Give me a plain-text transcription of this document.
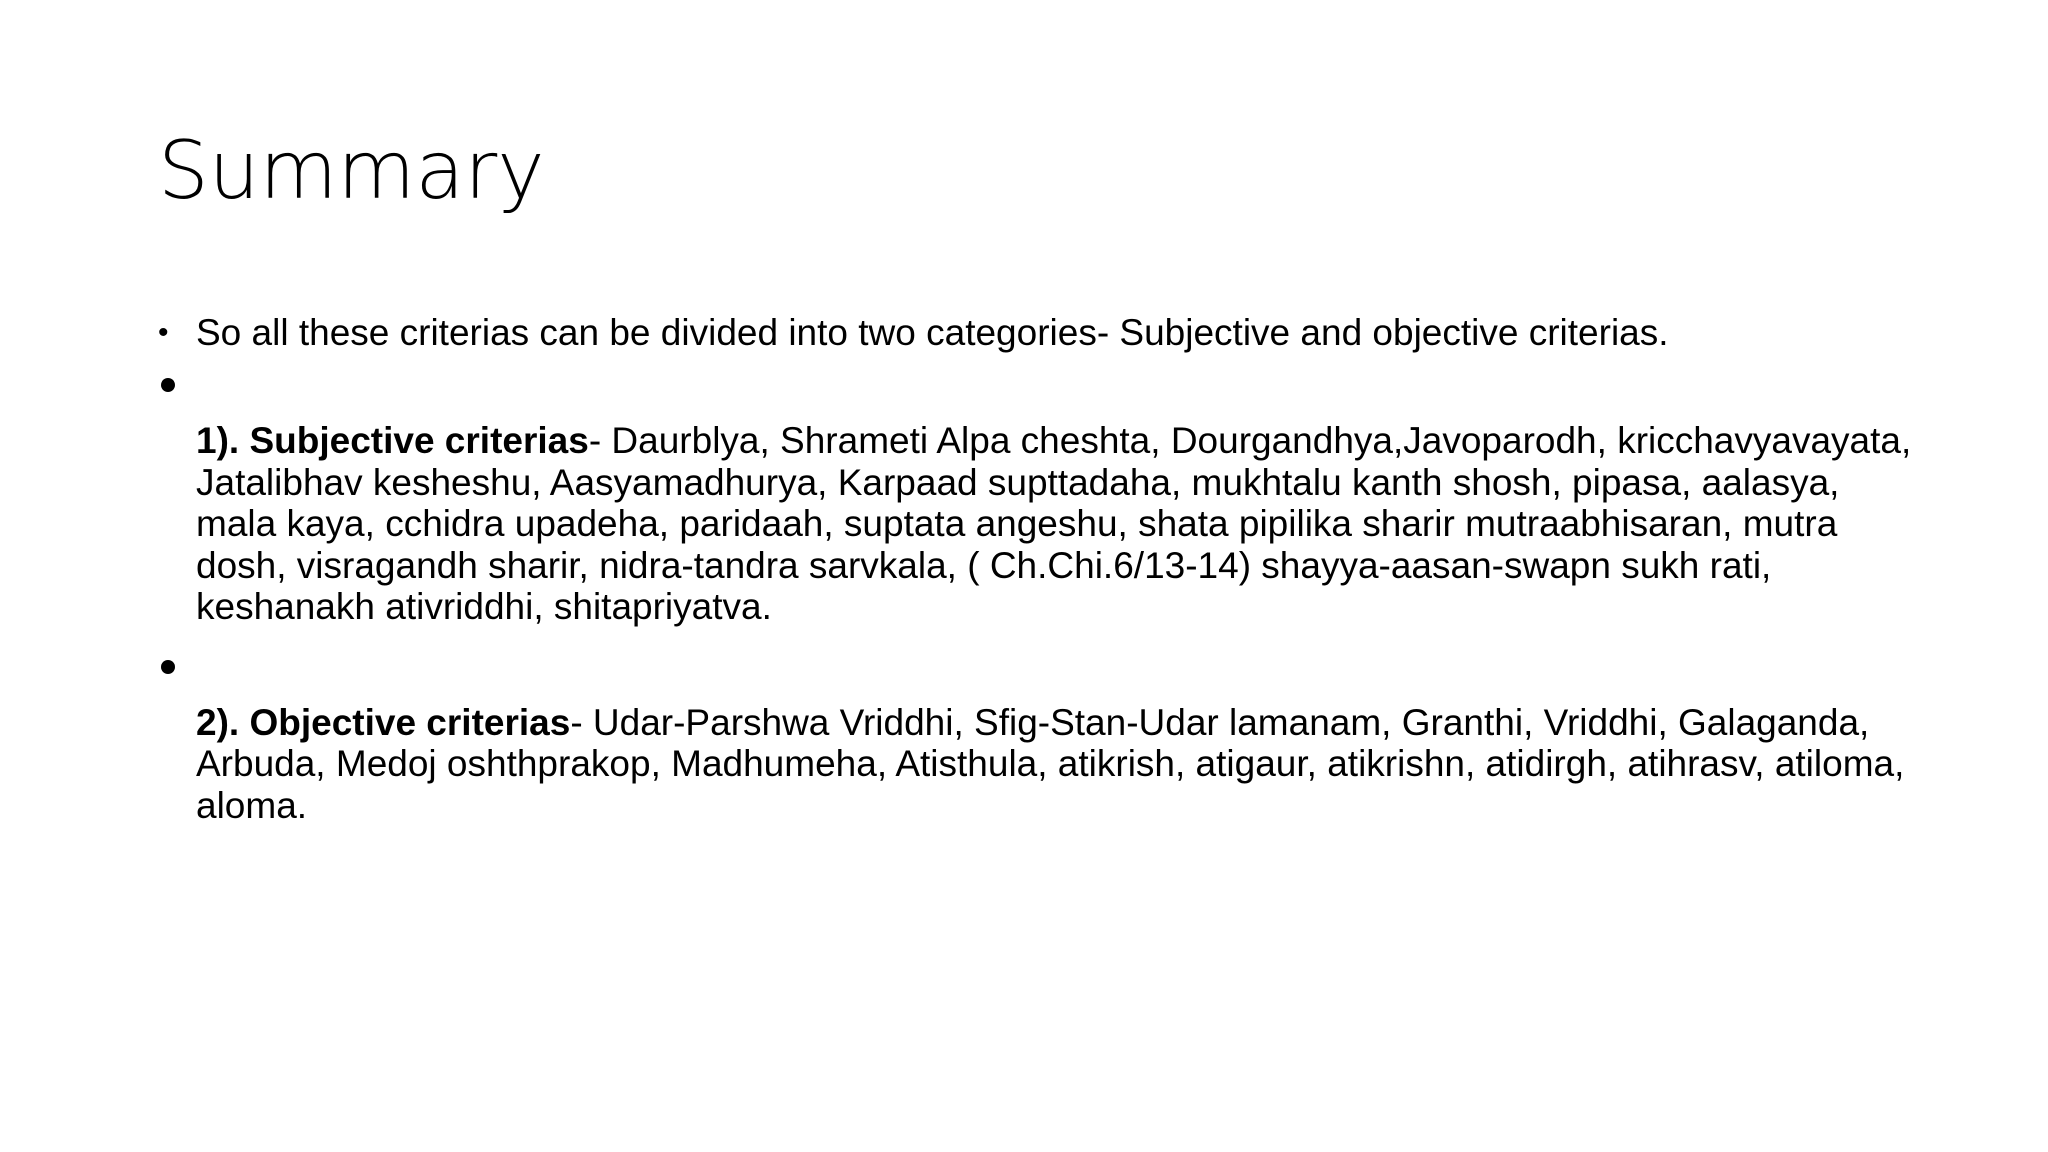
Summary
• So all these criterias can be divided into two categories- Subjective and objective criterias.
1). Subjective criterias- Daurblya, Shrameti Alpa cheshta, Dourgandhya,Javoparodh, kricchavyavayata, Jatalibhav kesheshu, Aasyamadhurya, Karpaad supttadaha, mukhtalu kanth shosh, pipasa, aalasya, mala kaya, cchidra upadeha, paridaah, suptata angeshu, shata pipilika sharir mutraabhisaran, mutra dosh, visragandh sharir, nidra-tandra sarvkala, ( Ch.Chi.6/13-14) shayya-aasan-swapn sukh rati, keshanakh ativriddhi, shitapriyatva.
2). Objective criterias- Udar-Parshwa Vriddhi, Sfig-Stan-Udar lamanam, Granthi, Vriddhi, Galaganda, Arbuda, Medoj oshthprakop, Madhumeha, Atisthula, atikrish, atigaur, atikrishn, atidirgh, atihrasv, atiloma, aloma.
